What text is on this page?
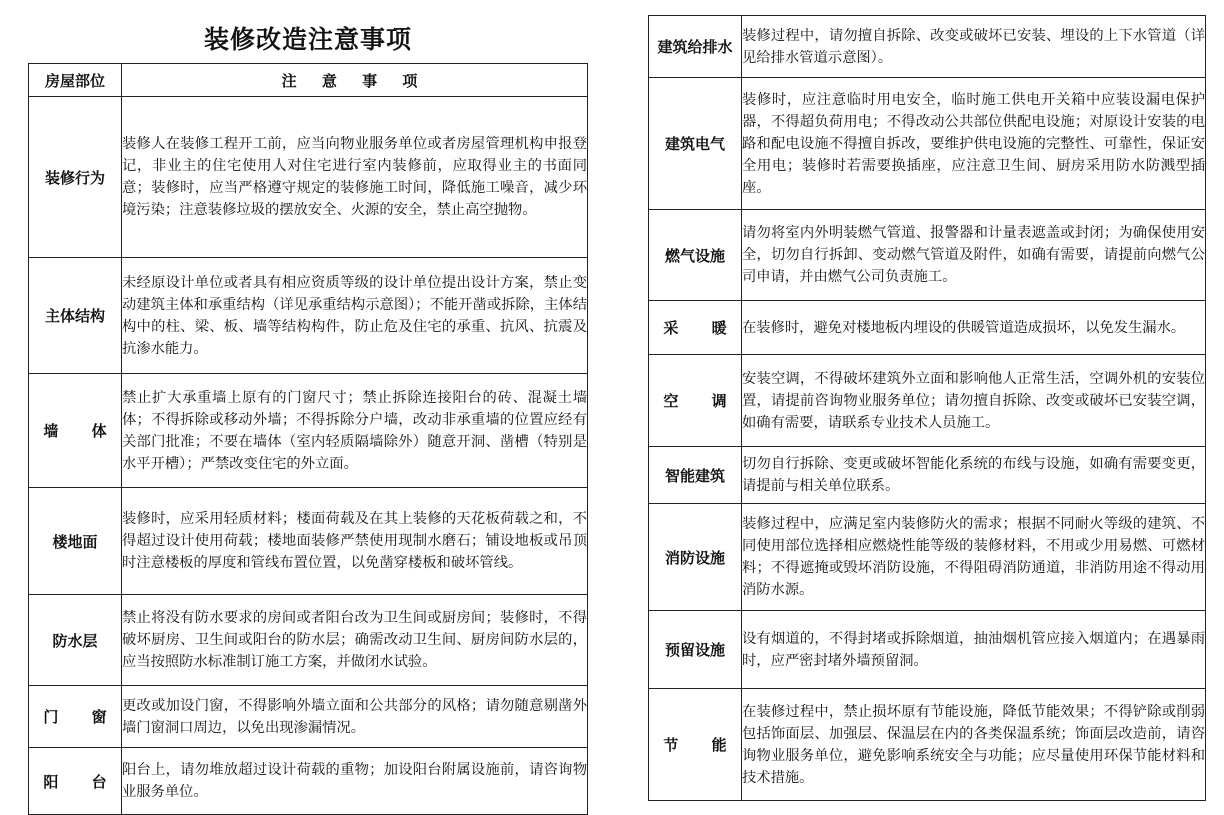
装修改造注意事项
房屋部位	注 意 事 项
装修行为	装修人在装修工程开工前，应当向物业服务单位或者房屋管理机构申报登记，非业主的住宅使用人对住宅进行室内装修前，应取得业主的书面同意；装修时，应当严格遵守规定的装修施工时间，降低施工噪音，减少环境污染；注意装修垃圾的摆放安全、火源的安全，禁止高空抛物。
主体结构	未经原设计单位或者具有相应资质等级的设计单位提出设计方案，禁止变动建筑主体和承重结构（详见承重结构示意图）；不能开凿或拆除，主体结构中的柱、梁、板、墙等结构构件，防止危及住宅的承重、抗风、抗震及抗渗水能力。
墙 体	禁止扩大承重墙上原有的门窗尺寸；禁止拆除连接阳台的砖、混凝土墙体；不得拆除或移动外墙；不得拆除分户墙，改动非承重墙的位置应经有关部门批准；不要在墙体（室内轻质隔墙除外）随意开洞、凿槽（特别是水平开槽）；严禁改变住宅的外立面。
楼地面	装修时，应采用轻质材料；楼面荷载及在其上装修的天花板荷载之和，不得超过设计使用荷载；楼地面装修严禁使用现制水磨石；铺设地板或吊顶时注意楼板的厚度和管线布置位置，以免凿穿楼板和破坏管线。
防水层	禁止将没有防水要求的房间或者阳台改为卫生间或厨房间；装修时，不得破坏厨房、卫生间或阳台的防水层；确需改动卫生间、厨房间防水层的，应当按照防水标准制订施工方案，并做闭水试验。
门 窗	更改或加设门窗，不得影响外墙立面和公共部分的风格；请勿随意剔凿外墙门窗洞口周边，以免出现渗漏情况。
阳 台	阳台上，请勿堆放超过设计荷载的重物；加设阳台附属设施前，请咨询物业服务单位。
建筑给排水	装修过程中，请勿擅自拆除、改变或破坏已安装、埋设的上下水管道（详见给排水管道示意图）。
建筑电气	装修时，应注意临时用电安全，临时施工供电开关箱中应装设漏电保护器，不得超负荷用电；不得改动公共部位供配电设施；对原设计安装的电路和配电设施不得擅自拆改，要维护供电设施的完整性、可靠性，保证安全用电；装修时若需要换插座，应注意卫生间、厨房采用防水防溅型插座。
燃气设施	请勿将室内外明装燃气管道、报警器和计量表遮盖或封闭；为确保使用安全，切勿自行拆卸、变动燃气管道及附件，如确有需要，请提前向燃气公司申请，并由燃气公司负责施工。
采 暖	在装修时，避免对楼地板内埋设的供暖管道造成损坏，以免发生漏水。
空 调	安装空调，不得破坏建筑外立面和影响他人正常生活，空调外机的安装位置，请提前咨询物业服务单位；请勿擅自拆除、改变或破坏已安装空调，如确有需要，请联系专业技术人员施工。
智能建筑	切勿自行拆除、变更或破坏智能化系统的布线与设施，如确有需要变更，请提前与相关单位联系。
消防设施	装修过程中，应满足室内装修防火的需求；根据不同耐火等级的建筑、不同使用部位选择相应燃烧性能等级的装修材料，不用或少用易燃、可燃材料；不得遮掩或毁坏消防设施，不得阻碍消防通道，非消防用途不得动用消防水源。
预留设施	设有烟道的，不得封堵或拆除烟道，抽油烟机管应接入烟道内；在遇暴雨时，应严密封堵外墙预留洞。
节 能	在装修过程中，禁止损坏原有节能设施，降低节能效果；不得铲除或削弱包括饰面层、加强层、保温层在内的各类保温系统；饰面层改造前，请咨询物业服务单位，避免影响系统安全与功能；应尽量使用环保节能材料和技术措施。
